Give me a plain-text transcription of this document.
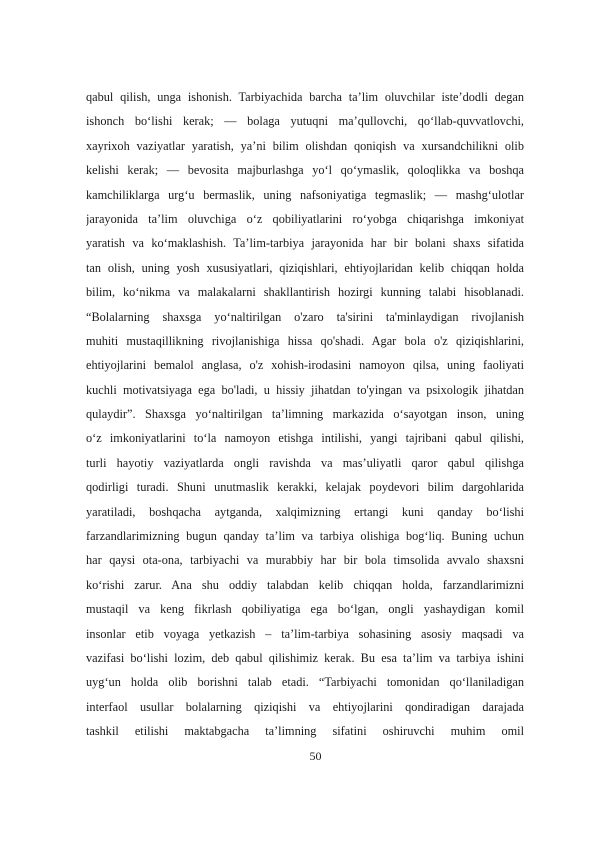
qabul qilish, unga ishonish. Tarbiyachida barcha ta’lim oluvchilar iste’dodli degan
ishonch bo‘lishi kerak; — bolaga yutuqni ma’qullovchi, qo‘llab-quvvatlovchi,
xayrixoh vaziyatlar yaratish, ya’ni bilim olishdan qoniqish va xursandchilikni olib
kelishi kerak; — bevosita majburlashga yo‘l qo‘ymaslik, qoloqlikka va boshqa
kamchiliklarga urg‘u bermaslik, uning nafsoniyatiga tegmaslik; — mashg‘ulotlar
jarayonida ta’lim oluvchiga o‘z qobiliyatlarini ro‘yobga chiqarishga imkoniyat
yaratish va ko‘maklashish. Ta’lim-tarbiya jarayonida har bir bolani shaxs sifatida
tan olish, uning yosh xususiyatlari, qiziqishlari, ehtiyojlaridan kelib chiqqan holda
bilim, ko‘nikma va malakalarni shakllantirish hozirgi kunning talabi hisoblanadi.
“Bolalarning shaxsga yo‘naltirilgan o'zaro ta'sirini ta'minlaydigan rivojlanish
muhiti mustaqillikning rivojlanishiga hissa qo'shadi. Agar bola o'z qiziqishlarini,
ehtiyojlarini bemalol anglasa, o'z xohish-irodasini namoyon qilsa, uning faoliyati
kuchli motivatsiyaga ega bo'ladi, u hissiy jihatdan to'yingan va psixologik jihatdan
qulaydir”. Shaxsga yo‘naltirilgan ta’limning markazida o‘sayotgan inson, uning
o‘z imkoniyatlarini to‘la namoyon etishga intilishi, yangi tajribani qabul qilishi,
turli hayotiy vaziyatlarda ongli ravishda va mas’uliyatli qaror qabul qilishga
qodirligi turadi. Shuni unutmaslik kerakki, kelajak poydevori bilim dargohlarida
yaratiladi, boshqacha aytganda, xalqimizning ertangi kuni qanday bo‘lishi
farzandlarimizning bugun qanday ta’lim va tarbiya olishiga bog‘liq. Buning uchun
har qaysi ota-ona, tarbiyachi va murabbiy har bir bola timsolida avvalo shaxsni
ko‘rishi zarur. Ana shu oddiy talabdan kelib chiqqan holda, farzandlarimizni
mustaqil va keng fikrlash qobiliyatiga ega bo‘lgan, ongli yashaydigan komil
insonlar etib voyaga yetkazish – ta’lim-tarbiya sohasining asosiy maqsadi va
vazifasi bo‘lishi lozim, deb qabul qilishimiz kerak. Bu esa ta’lim va tarbiya ishini
uyg‘un holda olib borishni talab etadi. “Tarbiyachi tomonidan qo‘llaniladigan
interfaol usullar bolalarning qiziqishi va ehtiyojlarini qondiradigan darajada
tashkil etilishi maktabgacha ta’limning sifatini oshiruvchi muhim omil
50
